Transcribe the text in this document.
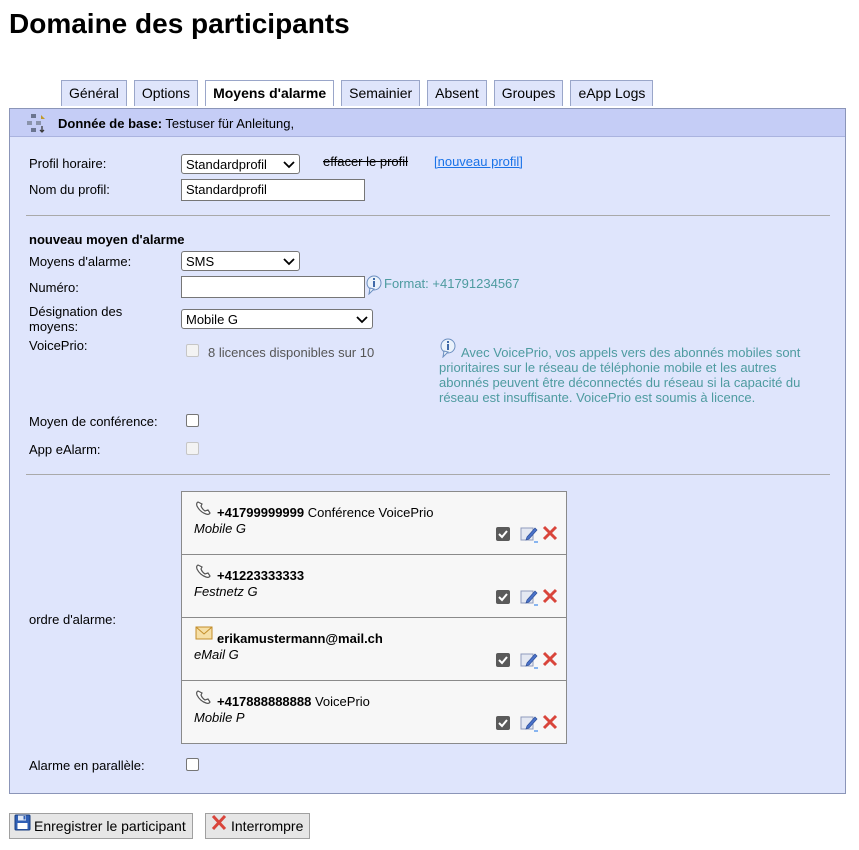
Domaine des participants
Général	Options	Moyens d'alarme	Semainier	Absent	Groupes	eApp Logs
Donnée de base: Testuser für Anleitung,
Profil horaire:	Standardprofil	effacer le profil [nouveau profil]
Nom du profil:	Standardprofil
nouveau moyen d'alarme
Moyens d'alarme:	SMS
Numéro:	Format: +41791234567
Désignation des moyens:	Mobile G
VoicePrio:	8 licences disponibles sur 10	Avec VoicePrio, vos appels vers des abonnés mobiles sont prioritaires sur le réseau de téléphonie mobile et les autres abonnés peuvent être déconnectés du réseau si la capacité du réseau est insuffisante. VoicePrio est soumis à licence.
Moyen de conférence:
App eAlarm:
ordre d'alarme:
+41799999999 Conférence VoicePrio
Mobile G
+41223333333
Festnetz G
erikamustermann@mail.ch
eMail G
+417888888888 VoicePrio
Mobile P
Alarme en parallèle:
Enregistrer le participant	Interrompre
